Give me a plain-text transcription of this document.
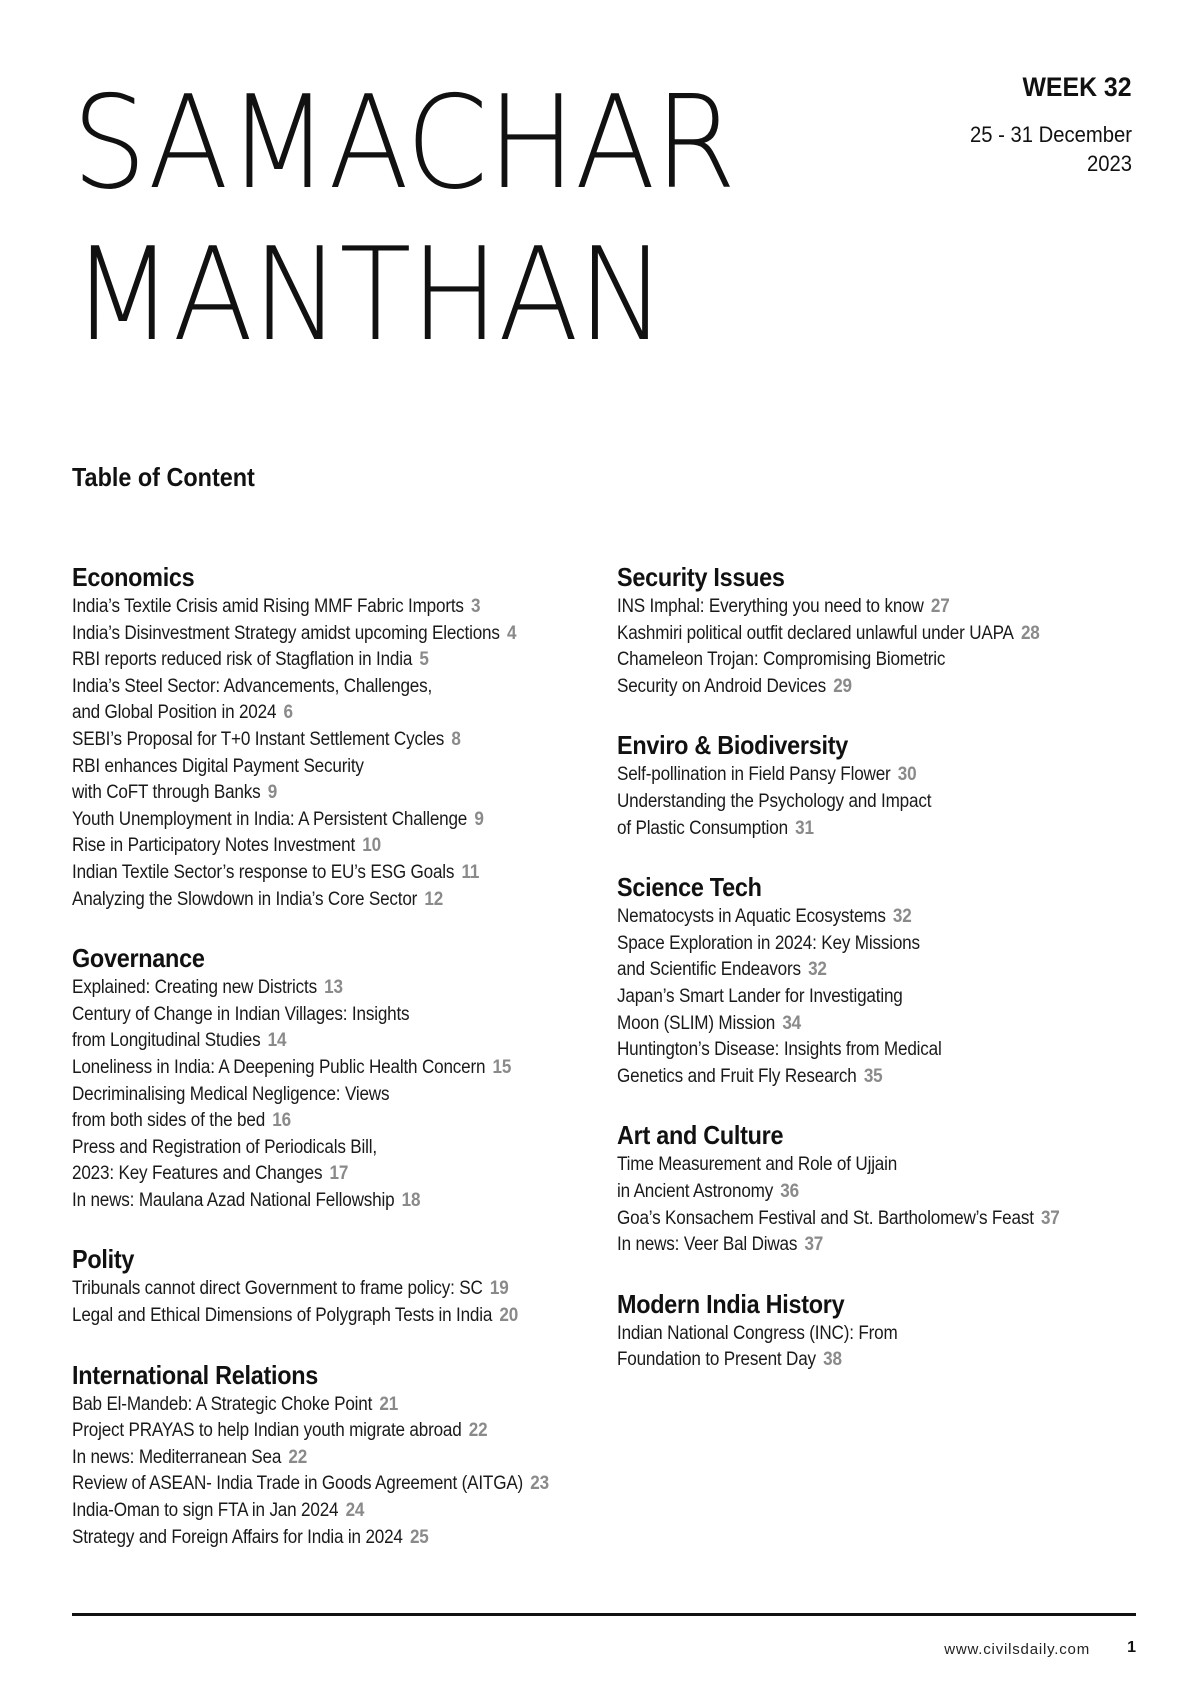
SAMACHAR
MANTHAN
WEEK 32
25 - 31 December
2023
Table of Content
Economics
India’s Textile Crisis amid Rising MMF Fabric Imports 3
India’s Disinvestment Strategy amidst upcoming Elections 4
RBI reports reduced risk of Stagflation in India 5
India’s Steel Sector: Advancements, Challenges,
and Global Position in 2024 6
SEBI’s Proposal for T+0 Instant Settlement Cycles 8
RBI enhances Digital Payment Security
with CoFT through Banks 9
Youth Unemployment in India: A Persistent Challenge 9
Rise in Participatory Notes Investment 10
Indian Textile Sector’s response to EU’s ESG Goals 11
Analyzing the Slowdown in India’s Core Sector 12
Governance
Explained: Creating new Districts 13
Century of Change in Indian Villages: Insights
from Longitudinal Studies 14
Loneliness in India: A Deepening Public Health Concern 15
Decriminalising Medical Negligence: Views
from both sides of the bed 16
Press and Registration of Periodicals Bill,
2023: Key Features and Changes 17
In news: Maulana Azad National Fellowship 18
Polity
Tribunals cannot direct Government to frame policy: SC 19
Legal and Ethical Dimensions of Polygraph Tests in India 20
International Relations
Bab El-Mandeb: A Strategic Choke Point 21
Project PRAYAS to help Indian youth migrate abroad 22
In news: Mediterranean Sea 22
Review of ASEAN- India Trade in Goods Agreement (AITGA) 23
India-Oman to sign FTA in Jan 2024 24
Strategy and Foreign Affairs for India in 2024 25
Security Issues
INS Imphal: Everything you need to know 27
Kashmiri political outfit declared unlawful under UAPA 28
Chameleon Trojan: Compromising Biometric
Security on Android Devices 29
Enviro & Biodiversity
Self-pollination in Field Pansy Flower 30
Understanding the Psychology and Impact
of Plastic Consumption 31
Science Tech
Nematocysts in Aquatic Ecosystems 32
Space Exploration in 2024: Key Missions
and Scientific Endeavors 32
Japan’s Smart Lander for Investigating
Moon (SLIM) Mission 34
Huntington’s Disease: Insights from Medical
Genetics and Fruit Fly Research 35
Art and Culture
Time Measurement and Role of Ujjain
in Ancient Astronomy 36
Goa’s Konsachem Festival and St. Bartholomew’s Feast 37
In news: Veer Bal Diwas 37
Modern India History
Indian National Congress (INC): From
Foundation to Present Day 38
www.civilsdaily.com 1
